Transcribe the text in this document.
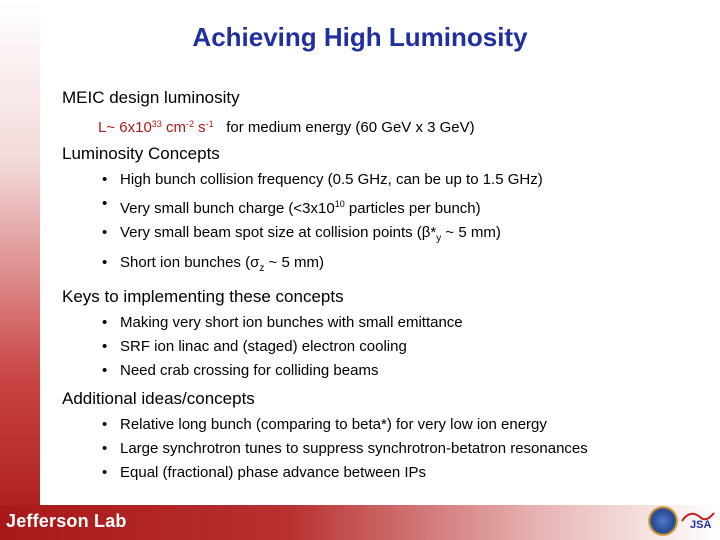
Achieving High Luminosity

MEIC design luminosity

L~ $6x10^{33}$ $cm^{-2}$ $s^{-1}$ for medium energy (60 GeV x 3 GeV)

Luminosity Concepts

• High bunch collision frequency (0.5 GHz, can be up to 1.5 GHz)
• Very small bunch charge ($<3x10^{10}$ particles per bunch)
• Very small beam spot size at collision points ($\beta*_y$ ~ 5 mm)
• Short ion bunches ($\sigma_z$ ~ 5 mm)

Keys to implementing these concepts

• Making very short ion bunches with small emittance
• SRF ion linac and (staged) electron cooling
• Need crab crossing for colliding beams

Additional ideas/concepts

• Relative long bunch (comparing to beta*) for very low ion energy
• Large synchrotron tunes to suppress synchrotron-betatron resonances
• Equal (fractional) phase advance between IPs
Jefferson Lab	JSA
